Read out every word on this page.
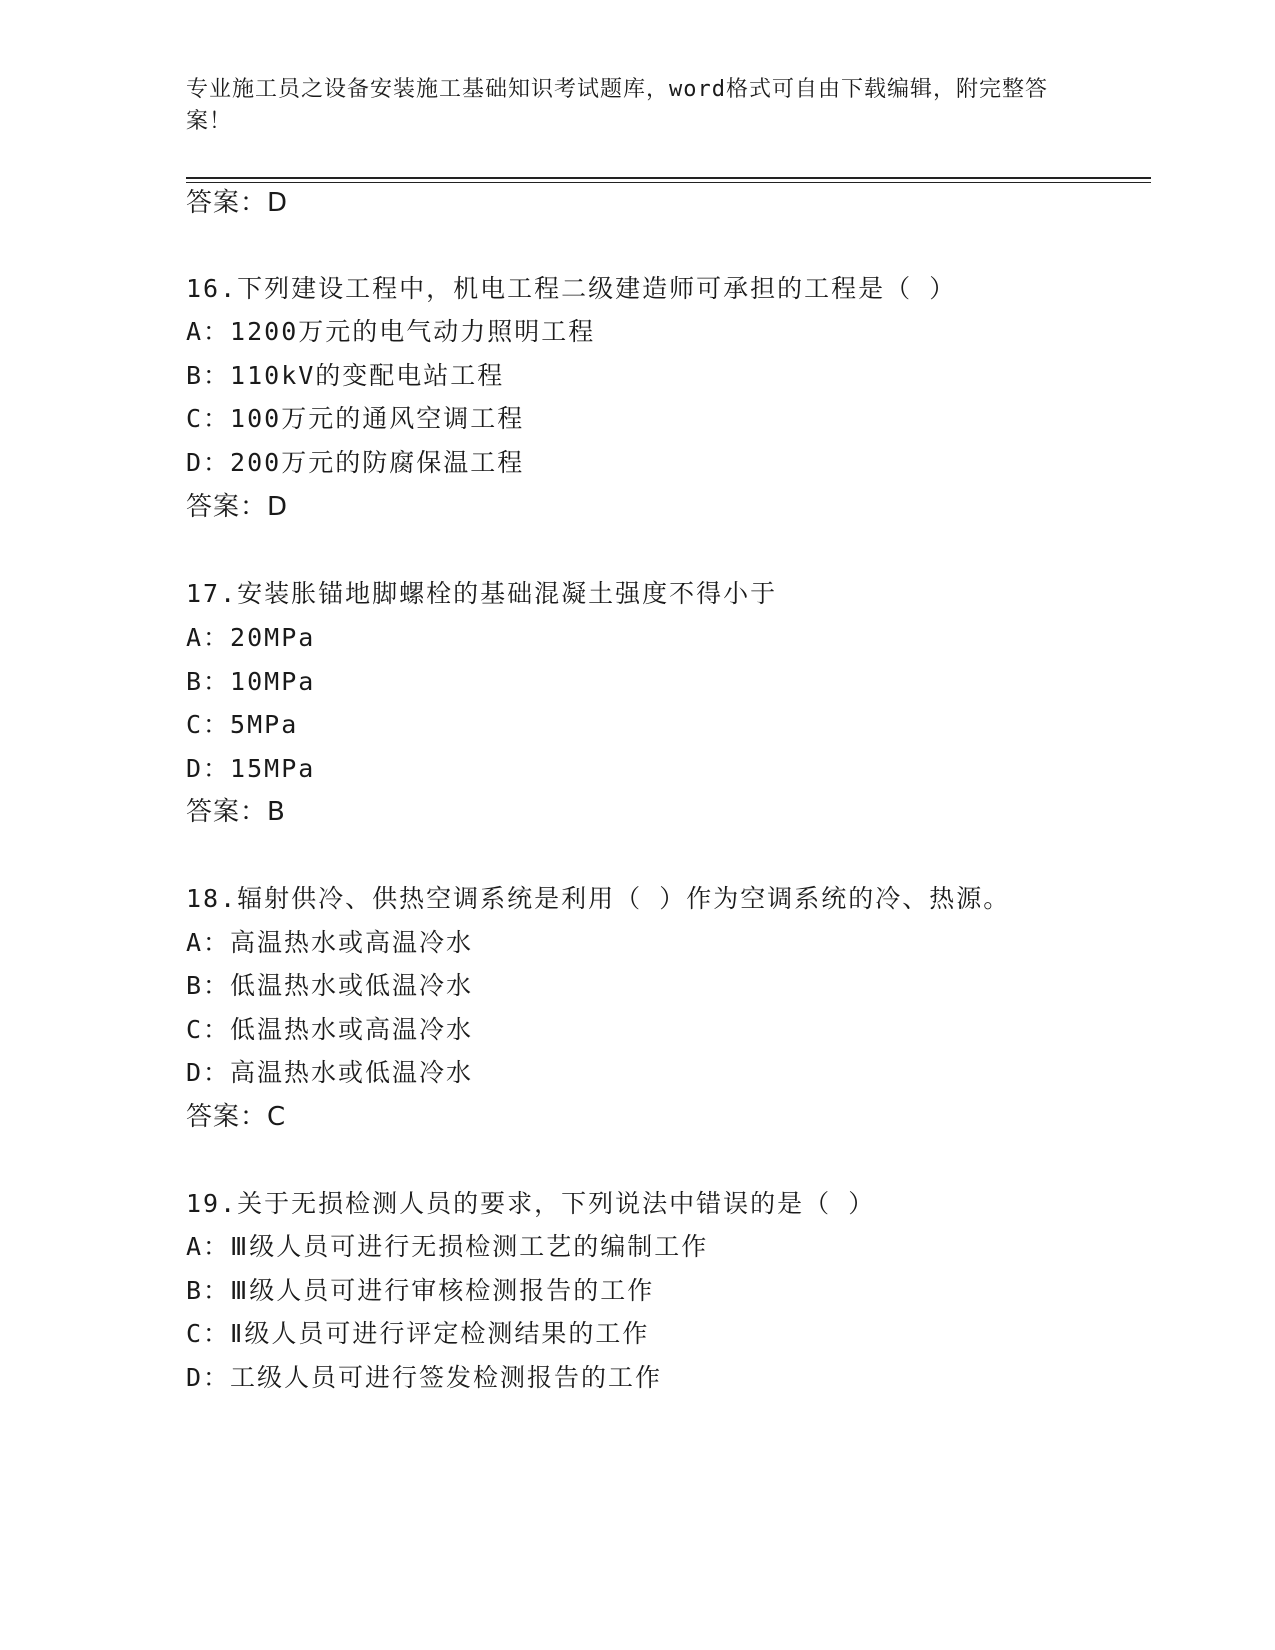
专业施工员之设备安装施工基础知识考试题库，word格式可自由下载编辑，附完整答案！
答案：D
16.下列建设工程中，机电工程二级建造师可承担的工程是（ ）
A：1200万元的电气动力照明工程
B：110kV的变配电站工程
C：100万元的通风空调工程
D：200万元的防腐保温工程
答案：D
17.安装胀锚地脚螺栓的基础混凝土强度不得小于
A：20MPa
B：10MPa
C：5MPa
D：15MPa
答案：B
18.辐射供冷、供热空调系统是利用（ ）作为空调系统的冷、热源。
A：高温热水或高温冷水
B：低温热水或低温冷水
C：低温热水或高温冷水
D：高温热水或低温冷水
答案：C
19.关于无损检测人员的要求，下列说法中错误的是（ ）
A：Ⅲ级人员可进行无损检测工艺的编制工作
B：Ⅲ级人员可进行审核检测报告的工作
C：Ⅱ级人员可进行评定检测结果的工作
D：工级人员可进行签发检测报告的工作
